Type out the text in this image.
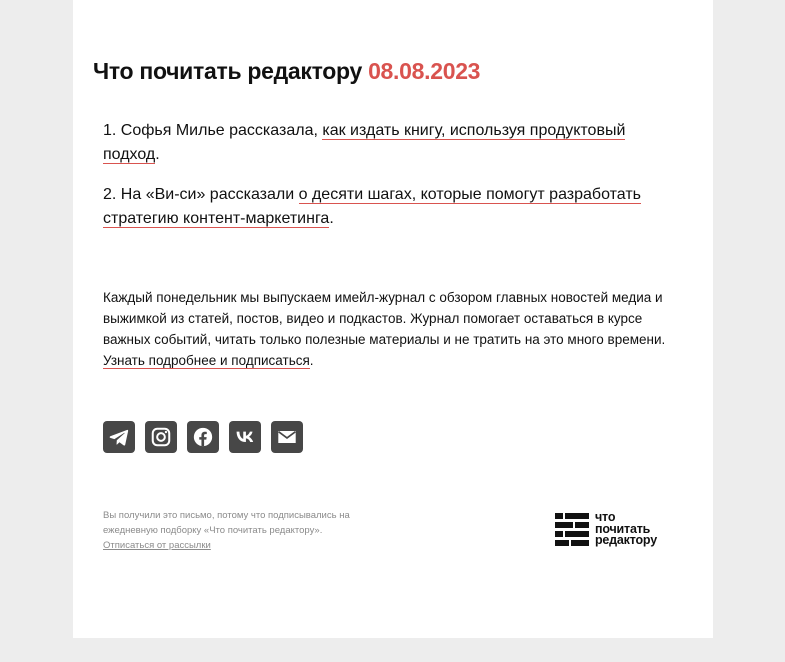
Что почитать редактору 08.08.2023

1. Софья Милье рассказала, как издать книгу, используя продуктовый подход.

2. На «Ви-си» рассказали о десяти шагах, которые помогут разработать стратегию контент-маркетинга.

Каждый понедельник мы выпускаем имейл-журнал с обзором главных новостей медиа и выжимкой из статей, постов, видео и подкастов. Журнал помогает оставаться в курсе важных событий, читать только полезные материалы и не тратить на это много времени. Узнать подробнее и подписаться.
Вы получили это письмо, потому что подписывались на ежедневную подборку «Что почитать редактору».
Отписаться от рассылки
что
почитать
редактору
